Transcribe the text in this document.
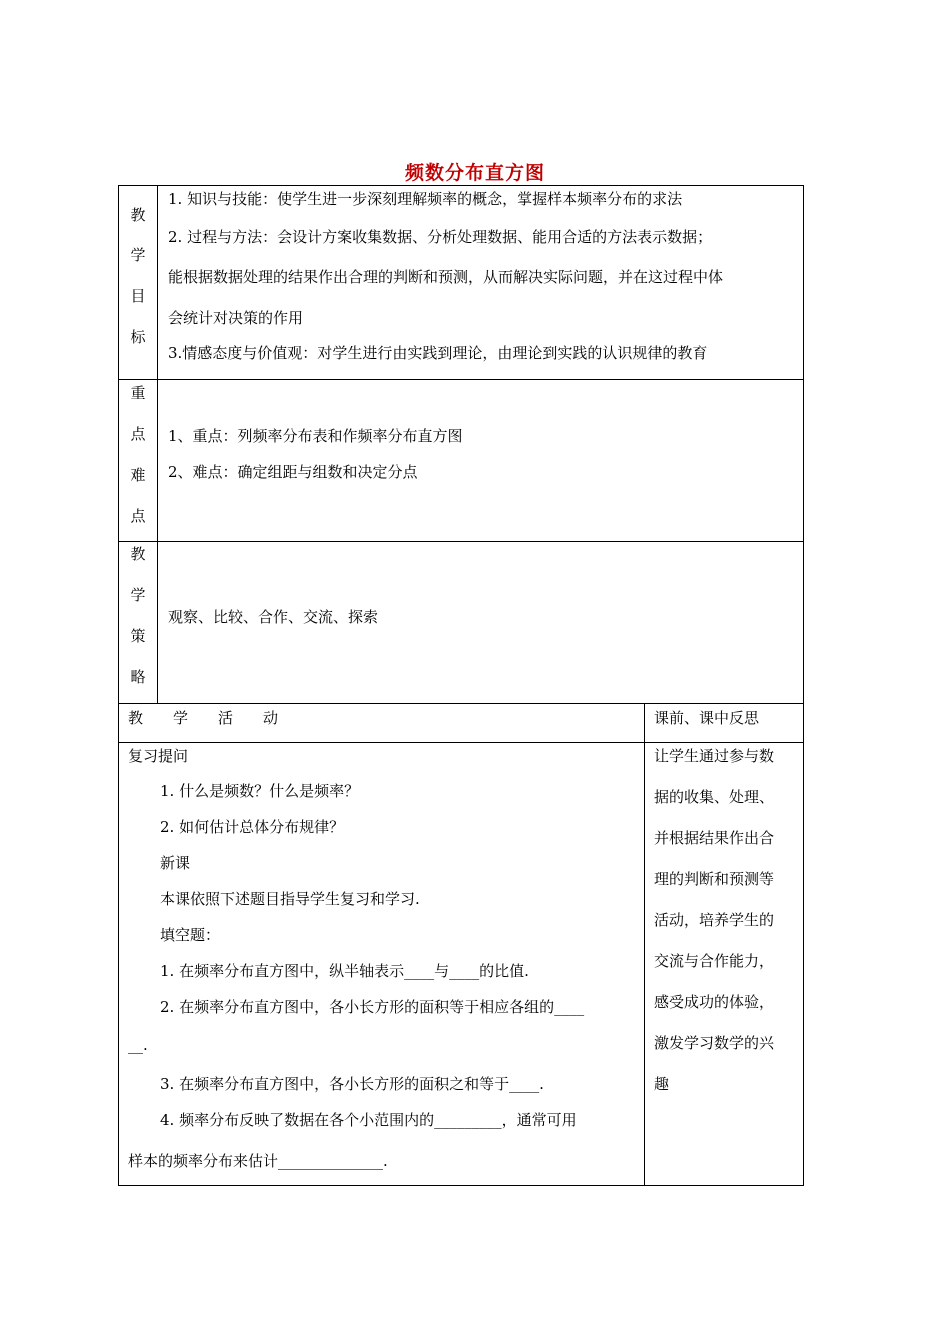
频数分布直方图
教
学
目
标
1. 知识与技能：使学生进一步深刻理解频率的概念，掌握样本频率分布的求法
2. 过程与方法：会设计方案收集数据、分析处理数据、能用合适的方法表示数据；
能根据数据处理的结果作出合理的判断和预测，从而解决实际问题，并在这过程中体
会统计对决策的作用
3.情感态度与价值观：对学生进行由实践到理论，由理论到实践的认识规律的教育
重
点
难
点
1、重点：列频率分布表和作频率分布直方图
2、难点：确定组距与组数和决定分点
教
学
策
略
观察、比较、合作、交流、探索
教　　学　　活　　动	课前、课中反思
复习提问
1. 什么是频数？什么是频率？
2. 如何估计总体分布规律？
新课
本课依照下述题目指导学生复习和学习.
填空题：
1. 在频率分布直方图中，纵半轴表示____与____的比值.
2. 在频率分布直方图中，各小长方形的面积等于相应各组的____
__.
3. 在频率分布直方图中，各小长方形的面积之和等于____.
4. 频率分布反映了数据在各个小范围内的_________，通常可用
样本的频率分布来估计______________.
让学生通过参与数
据的收集、处理、
并根据结果作出合
理的判断和预测等
活动，培养学生的
交流与合作能力，
感受成功的体验，
激发学习数学的兴
趣
